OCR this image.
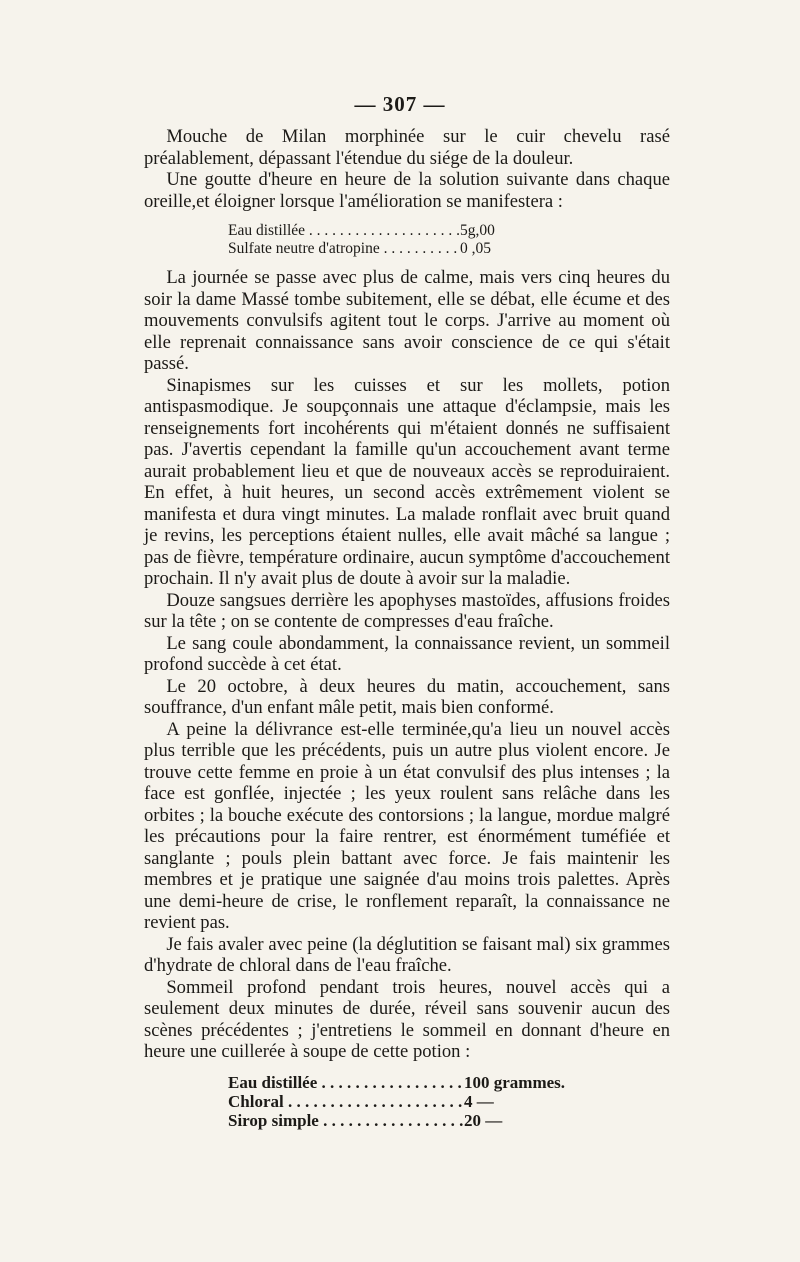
— 307 —

Mouche de Milan morphinée sur le cuir chevelu rasé préalablement, dépassant l'étendue du siége de la douleur.

Une goutte d'heure en heure de la solution suivante dans chaque oreille,et éloigner lorsque l'amélioration se manifestera :

Eau distillée . . .	5g,00
Sulfate neutre d'atropine . . .	0 ,05

La journée se passe avec plus de calme, mais vers cinq heures du soir la dame Massé tombe subitement, elle se débat, elle écume et des mouvements convulsifs agitent tout le corps. J'arrive au moment où elle reprenait connaissance sans avoir conscience de ce qui s'était passé.

Sinapismes sur les cuisses et sur les mollets, potion antispasmodique. Je soupçonnais une attaque d'éclampsie, mais les renseignements fort incohérents qui m'étaient donnés ne suffisaient pas. J'avertis cependant la famille qu'un accouchement avant terme aurait probablement lieu et que de nouveaux accès se reproduiraient. En effet, à huit heures, un second accès extrêmement violent se manifesta et dura vingt minutes. La malade ronflait avec bruit quand je revins, les perceptions étaient nulles, elle avait mâché sa langue ; pas de fièvre, température ordinaire, aucun symptôme d'accouchement prochain. Il n'y avait plus de doute à avoir sur la maladie.

Douze sangsues derrière les apophyses mastoïdes, affusions froides sur la tête ; on se contente de compresses d'eau fraîche.

Le sang coule abondamment, la connaissance revient, un sommeil profond succède à cet état.

Le 20 octobre, à deux heures du matin, accouchement, sans souffrance, d'un enfant mâle petit, mais bien conformé.

A peine la délivrance est-elle terminée,qu'a lieu un nouvel accès plus terrible que les précédents, puis un autre plus violent encore. Je trouve cette femme en proie à un état convulsif des plus intenses ; la face est gonflée, injectée ; les yeux roulent sans relâche dans les orbites ; la bouche exécute des contorsions ; la langue, mordue malgré les précautions pour la faire rentrer, est énormément tuméfiée et sanglante ; pouls plein battant avec force. Je fais maintenir les membres et je pratique une saignée d'au moins trois palettes. Après une demi-heure de crise, le ronflement reparaît, la connaissance ne revient pas.

Je fais avaler avec peine (la déglutition se faisant mal) six grammes d'hydrate de chloral dans de l'eau fraîche.

Sommeil profond pendant trois heures, nouvel accès qui a seulement deux minutes de durée, réveil sans souvenir aucun des scènes précédentes ; j'entretiens le sommeil en donnant d'heure en heure une cuillerée à soupe de cette potion :

Eau distillée . . .	100 grammes.
Chloral . . .	4 —
Sirop simple . . .	20 —
